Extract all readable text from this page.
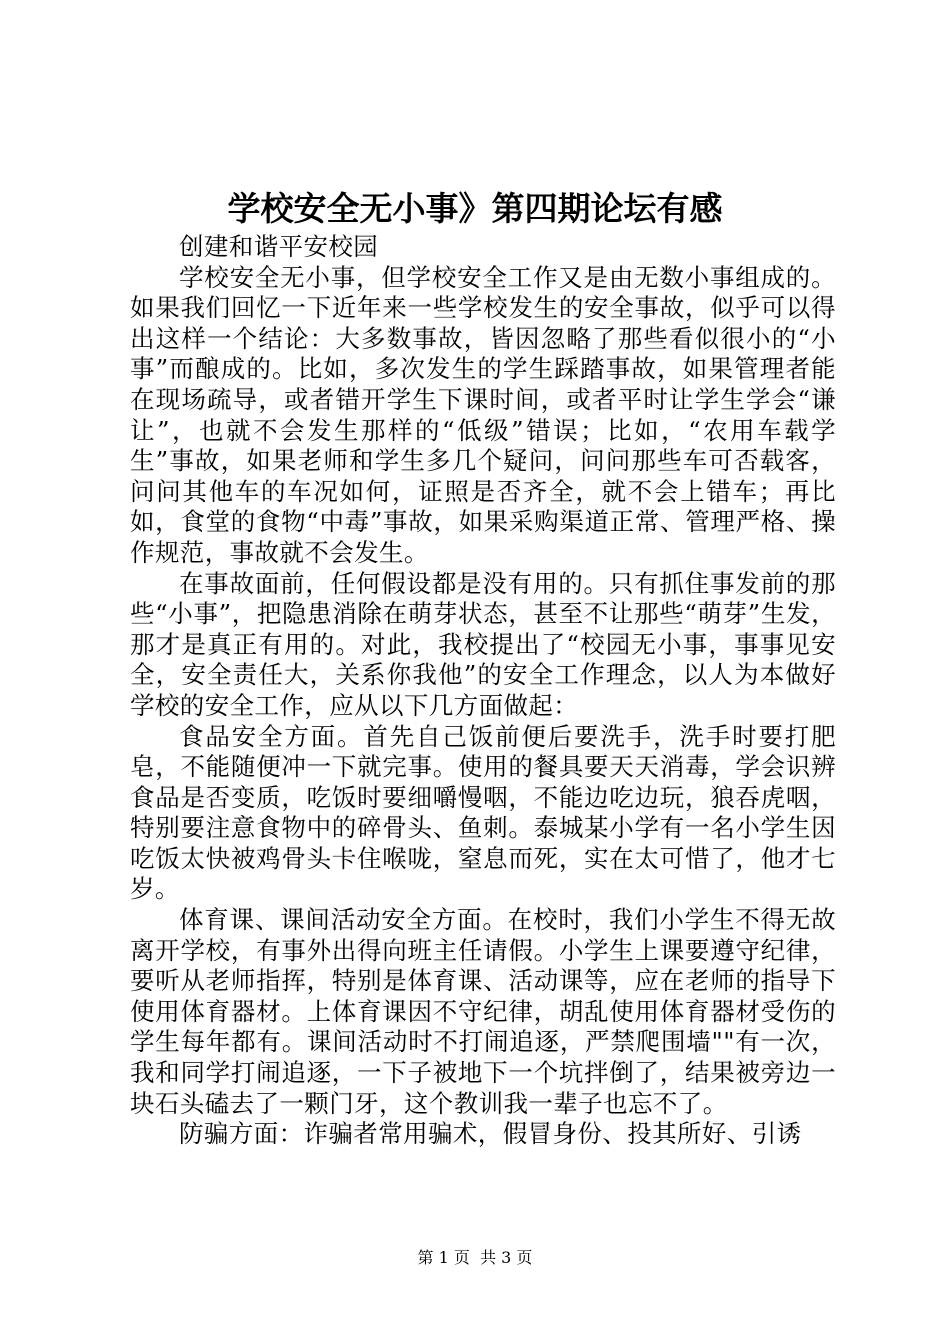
学校安全无小事》第四期论坛有感

创建和谐平安校园

学校安全无小事，但学校安全工作又是由无数小事组成的。如果我们回忆一下近年来一些学校发生的安全事故，似乎可以得出这样一个结论：大多数事故，皆因忽略了那些看似很小的“小事”而酿成的。比如，多次发生的学生踩踏事故，如果管理者能在现场疏导，或者错开学生下课时间，或者平时让学生学会“谦让”，也就不会发生那样的“低级”错误；比如，“农用车载学生”事故，如果老师和学生多几个疑问，问问那些车可否载客，问问其他车的车况如何，证照是否齐全，就不会上错车；再比如，食堂的食物“中毒”事故，如果采购渠道正常、管理严格、操作规范，事故就不会发生。

在事故面前，任何假设都是没有用的。只有抓住事发前的那些“小事”，把隐患消除在萌芽状态，甚至不让那些“萌芽”生发，那才是真正有用的。对此，我校提出了“校园无小事，事事见安全，安全责任大，关系你我他”的安全工作理念，以人为本做好学校的安全工作，应从以下几方面做起：

食品安全方面。首先自己饭前便后要洗手，洗手时要打肥皂，不能随便冲一下就完事。使用的餐具要天天消毒，学会识辨食品是否变质，吃饭时要细嚼慢咽，不能边吃边玩，狼吞虎咽，特别要注意食物中的碎骨头、鱼刺。泰城某小学有一名小学生因吃饭太快被鸡骨头卡住喉咙，窒息而死，实在太可惜了，他才七岁。

体育课、课间活动安全方面。在校时，我们小学生不得无故离开学校，有事外出得向班主任请假。小学生上课要遵守纪律，要听从老师指挥，特别是体育课、活动课等，应在老师的指导下使用体育器材。上体育课因不守纪律，胡乱使用体育器材受伤的学生每年都有。课间活动时不打闹追逐，严禁爬围墙""有一次，我和同学打闹追逐，一下子被地下一个坑拌倒了，结果被旁边一块石头磕去了一颗门牙，这个教训我一辈子也忘不了。

防骗方面：诈骗者常用骗术，假冒身份、投其所好、引诱

第 1 页  共 3 页
